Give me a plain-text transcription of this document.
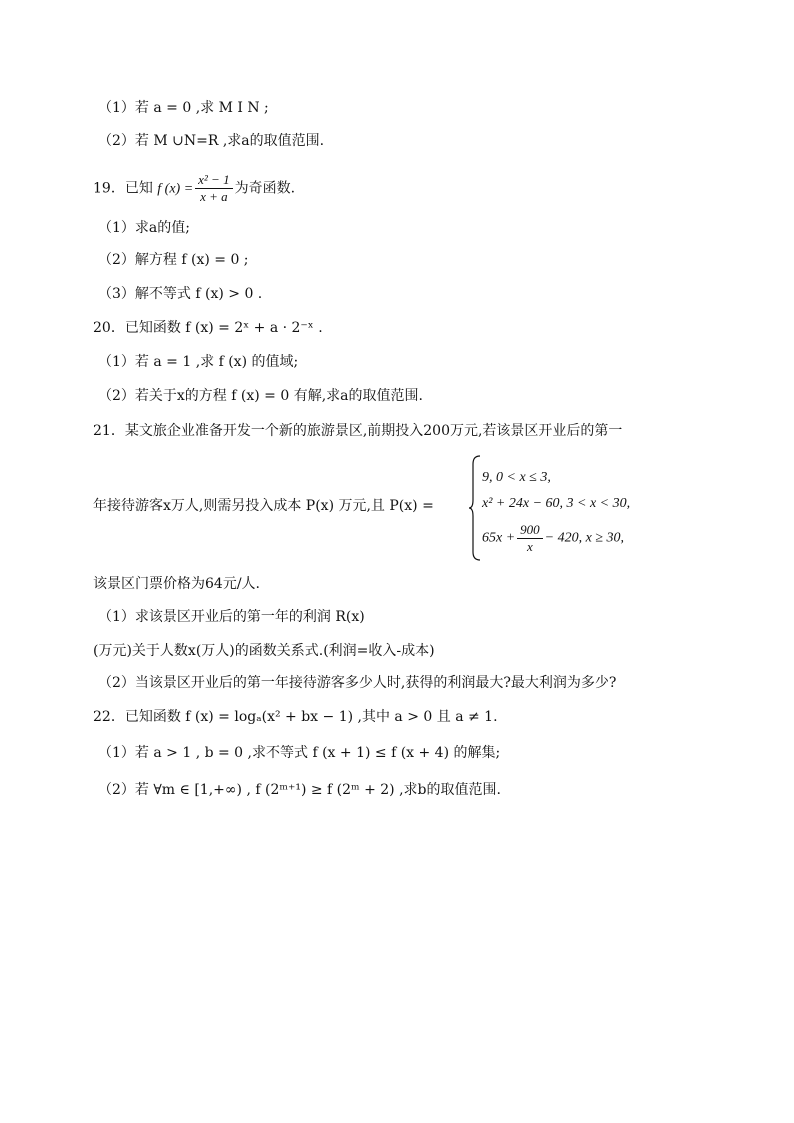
（1）若 a = 0 ,求 M I N ;
（2）若 M ∪N=R ,求a的取值范围.
19．已知 f $(x) = \frac{\text{x² − 1}}{x + a}$ 为奇函数.
（1）求a的值;
（2）解方程 f (x) = 0 ;
（3）解不等式 f (x) > 0 .
20．已知函数 f (x) = 2ˣ + a · 2⁻ˣ .
（1）若 a = 1 ,求 f (x) 的值域;
（2）若关于x的方程 f (x) = 0 有解,求a的取值范围.
21．某文旅企业准备开发一个新的旅游景区,前期投入200万元,若该景区开业后的第一
年接待游客x万人,则需另投入成本 P(x) 万元,且 P(x) =
9, 0 < x ≤ 3,
x² + 24x − 60, 3 < x < 30,
$65x + \frac{900}{x} - 420$, x ≥ 30,
该景区门票价格为64元/人.
（1）求该景区开业后的第一年的利润 R(x)
(万元)关于人数x(万人)的函数关系式.(利润=收入-成本)
（2）当该景区开业后的第一年接待游客多少人时,获得的利润最大?最大利润为多少?
22．已知函数 f (x) = logₐ(x² + bx − 1) ,其中 a > 0 且 a ≠ 1.
（1）若 a > 1 , b = 0 ,求不等式 f (x + 1) ≤ f (x + 4) 的解集;
（2）若 ∀m ∈ [1,+∞) , f (2ᵐ⁺¹) ≥ f (2ᵐ + 2) ,求b的取值范围.
